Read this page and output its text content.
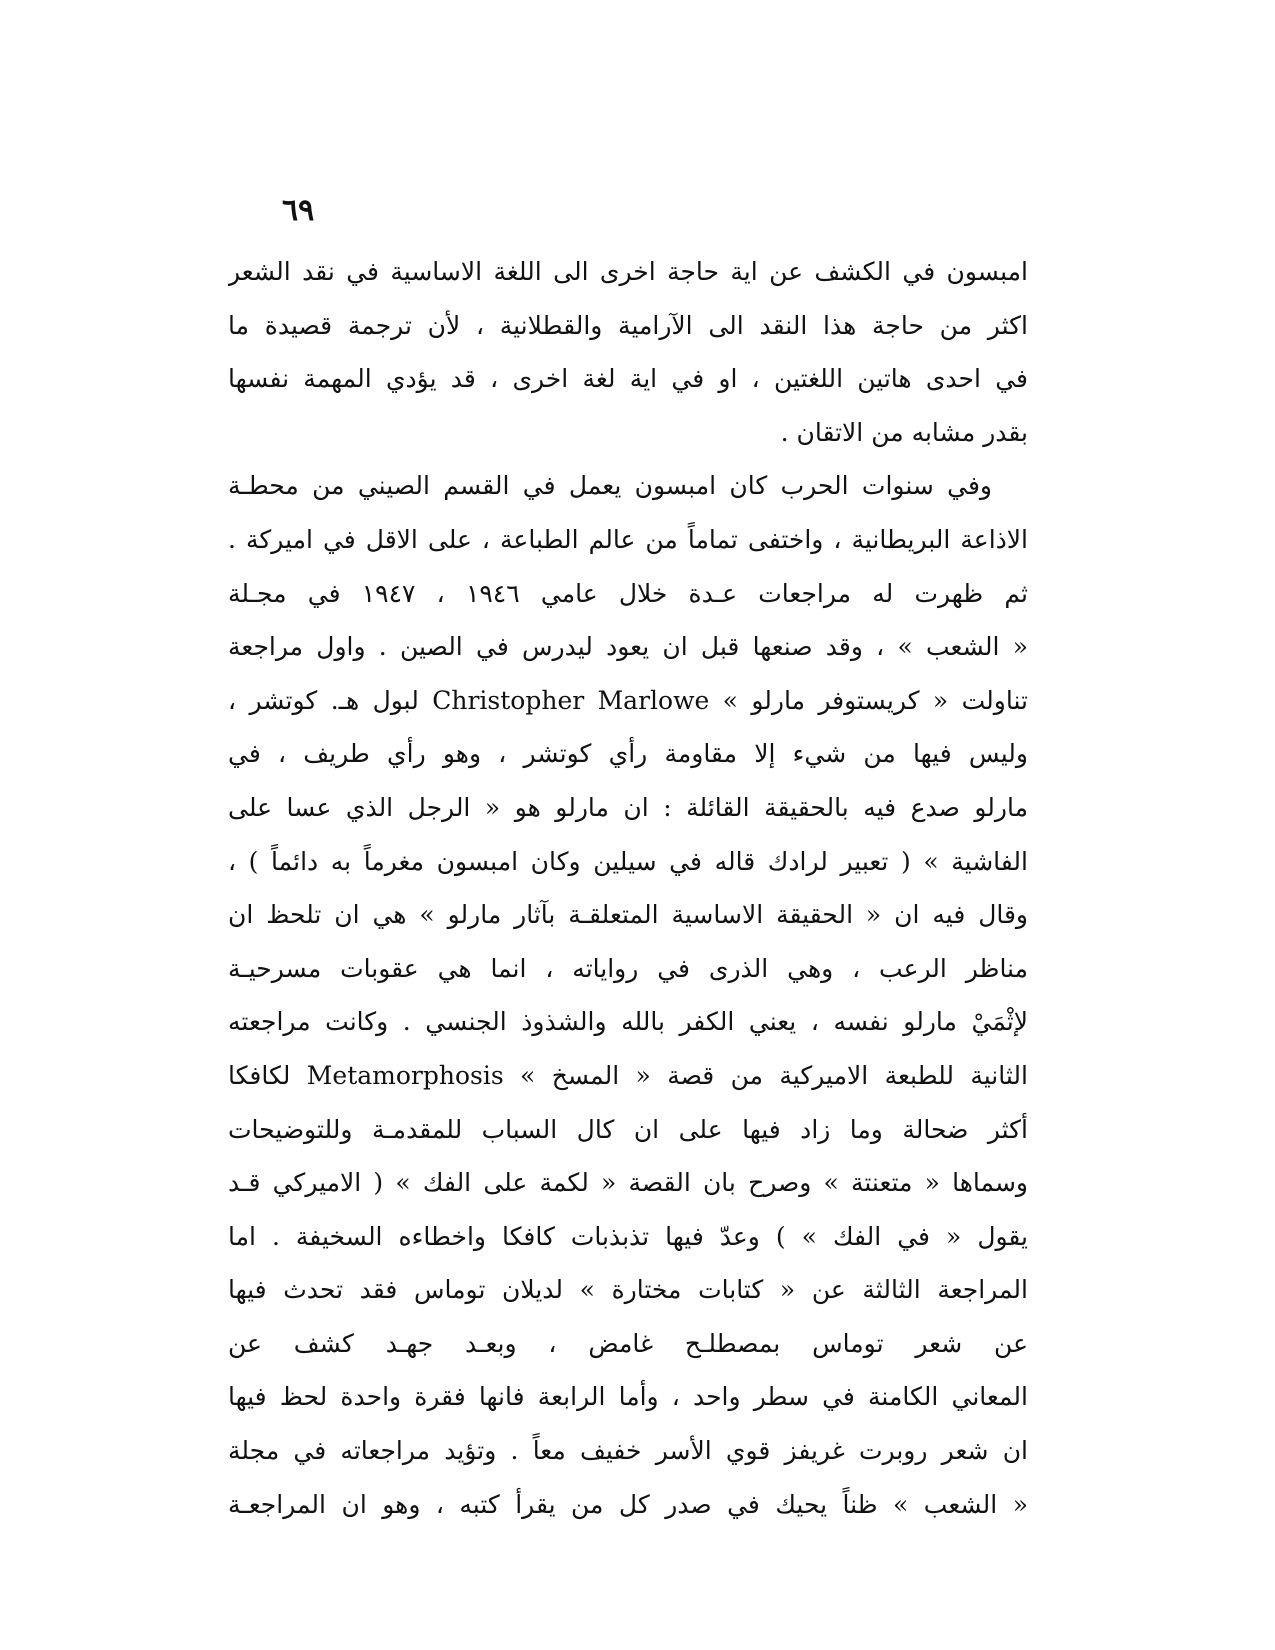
٦٩
امبسون في الكشف عن اية حاجة اخرى الى اللغة الاساسية في نقد الشعر
اكثر من حاجة هذا النقد الى الآرامية والقطلانية ، لأن ترجمة قصيدة ما
في احدى هاتين اللغتين ، او في اية لغة اخرى ، قد يؤدي المهمة نفسها
بقدر مشابه من الاتقان .
وفي سنوات الحرب كان امبسون يعمل في القسم الصيني من محطـة
الاذاعة البريطانية ، واختفى تماماً من عالم الطباعة ، على الاقل في اميركة .
ثم ظهرت له مراجعات عـدة خلال عامي ١٩٤٦ ، ١٩٤٧ في مجـلة
« الشعب » ، وقد صنعها قبل ان يعود ليدرس في الصين . واول مراجعة
تناولت « كريستوفر مارلو » Christopher Marlowe لبول هـ. كوتشر ،
وليس فيها من شيء إلا مقاومة رأي كوتشر ، وهو رأي طريف ، في
مارلو صدع فيه بالحقيقة القائلة : ان مارلو هو « الرجل الذي عسا على
الفاشية » ( تعبير لرادك قاله في سيلين وكان امبسون مغرماً به دائماً ) ،
وقال فيه ان « الحقيقة الاساسية المتعلقـة بآثار مارلو » هي ان تلحظ ان
مناظر الرعب ، وهي الذرى في رواياته ، انما هي عقوبات مسرحيـة
لإثْمَيْ مارلو نفسه ، يعني الكفر بالله والشذوذ الجنسي . وكانت مراجعته
الثانية للطبعة الاميركية من قصة « المسخ » Metamorphosis لكافكا
أكثر ضحالة وما زاد فيها على ان كال السباب للمقدمـة وللتوضيحات
وسماها « متعنتة » وصرح بان القصة « لكمة على الفك » ( الاميركي قـد
يقول « في الفك » ) وعدّ فيها تذبذبات كافكا واخطاءه السخيفة . اما
المراجعة الثالثة عن « كتابات مختارة » لديلان توماس فقد تحدث فيها
عن شعر توماس بمصطلـح غامض ، وبعـد جهـد كشف عن
المعاني الكامنة في سطر واحد ، وأما الرابعة فانها فقرة واحدة لحظ فيها
ان شعر روبرت غريفز قوي الأسر خفيف معاً . وتؤيد مراجعاته في مجلة
« الشعب » ظناً يحيك في صدر كل من يقرأ كتبه ، وهو ان المراجعـة
